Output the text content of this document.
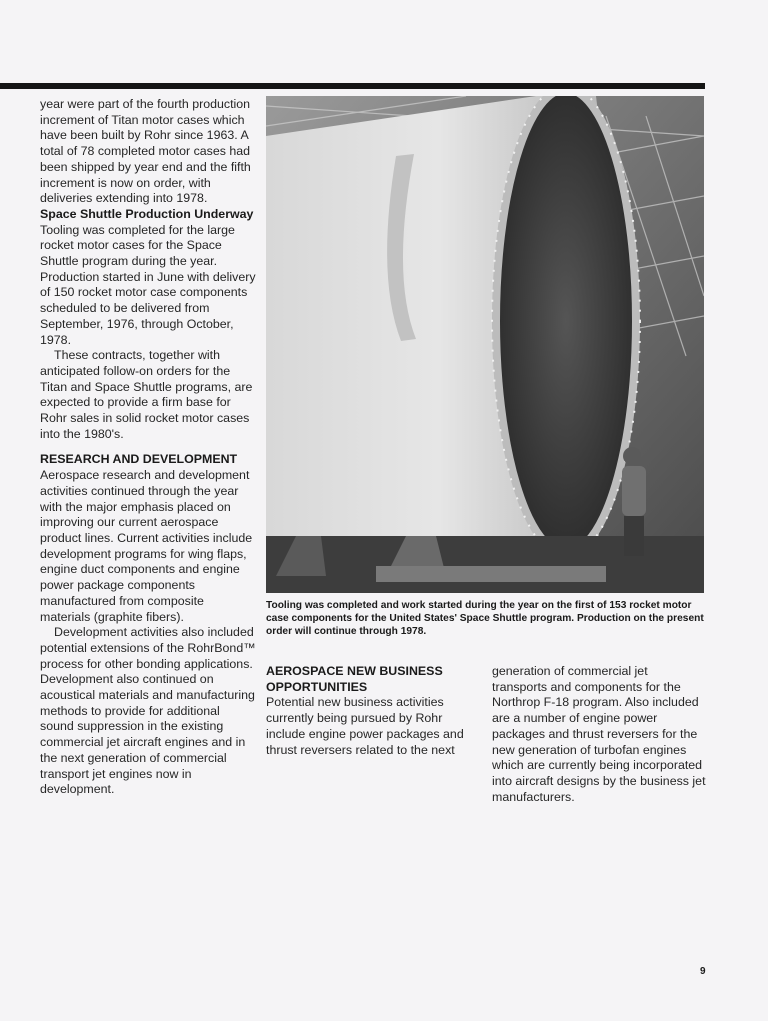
year were part of the fourth production increment of Titan motor cases which have been built by Rohr since 1963. A total of 78 completed motor cases had been shipped by year end and the fifth increment is now on order, with deliveries extending into 1978.

Space Shuttle Production Underway

Tooling was completed for the large rocket motor cases for the Space Shuttle program during the year. Production started in June with delivery of 150 rocket motor case components scheduled to be delivered from September, 1976, through October, 1978.

These contracts, together with anticipated follow-on orders for the Titan and Space Shuttle programs, are expected to provide a firm base for Rohr sales in solid rocket motor cases into the 1980's.

RESEARCH AND DEVELOPMENT

Aerospace research and development activities continued through the year with the major emphasis placed on improving our current aerospace product lines. Current activities include development programs for wing flaps, engine duct components and engine power package components manufactured from composite materials (graphite fibers).

Development activities also included potential extensions of the RohrBond™ process for other bonding applications. Development also continued on acoustical materials and manufacturing methods to provide for additional sound suppression in the existing commercial jet aircraft engines and in the next generation of commercial transport jet engines now in development.

Tooling was completed and work started during the year on the first of 153 rocket motor case components for the United States' Space Shuttle program. Production on the present order will continue through 1978.

AEROSPACE NEW BUSINESS OPPORTUNITIES

Potential new business activities currently being pursued by Rohr include engine power packages and thrust reversers related to the next

generation of commercial jet transports and components for the Northrop F-18 program. Also included are a number of engine power packages and thrust reversers for the new generation of turbofan engines which are currently being incorporated into aircraft designs by the business jet manufacturers.

9
